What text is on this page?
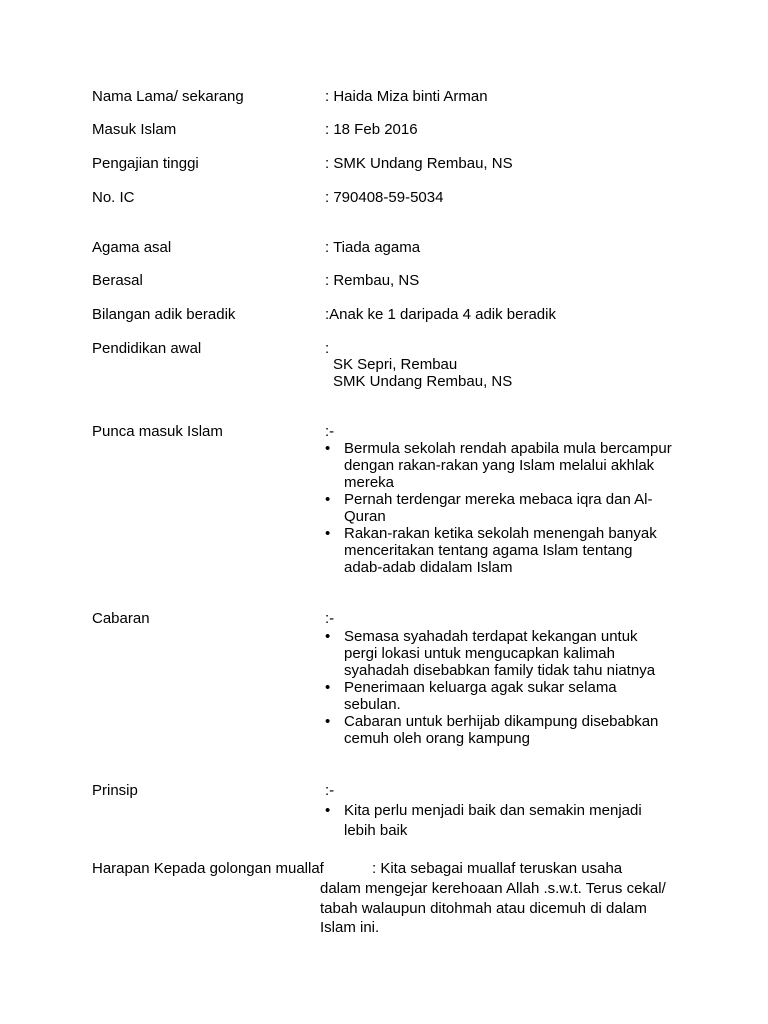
Nama Lama/ sekarang	: Haida Miza binti Arman
Masuk Islam	: 18 Feb 2016
Pengajian tinggi	: SMK Undang Rembau, NS
No. IC	: 790408-59-5034
Agama asal	: Tiada agama
Berasal	: Rembau, NS
Bilangan adik beradik	:Anak ke 1 daripada 4 adik beradik
Pendidikan awal	:
SK Sepri, Rembau
SMK Undang Rembau, NS
Punca masuk Islam	:-
• Bermula sekolah rendah apabila mula bercampur dengan rakan-rakan yang Islam melalui akhlak mereka
• Pernah terdengar mereka mebaca iqra dan Al-Quran
• Rakan-rakan ketika sekolah menengah banyak menceritakan tentang agama Islam tentang adab-adab didalam Islam
Cabaran	:-
• Semasa syahadah terdapat kekangan untuk pergi lokasi untuk mengucapkan kalimah syahadah disebabkan family tidak tahu niatnya
• Penerimaan keluarga agak sukar selama sebulan.
• Cabaran untuk berhijab dikampung disebabkan cemuh oleh orang kampung
Prinsip	:-
• Kita perlu menjadi baik dan semakin menjadi lebih baik
Harapan Kepada golongan muallaf	: Kita sebagai muallaf teruskan usaha
dalam mengejar kerehoaan Allah .s.w.t. Terus cekal/ tabah walaupun ditohmah atau dicemuh di dalam Islam ini.
